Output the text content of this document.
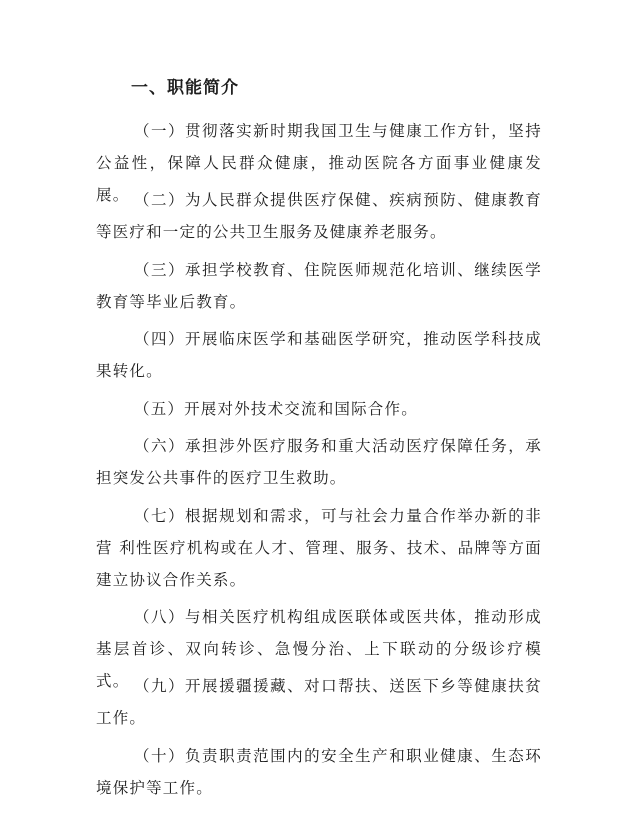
一、职能简介

（一）贯彻落实新时期我国卫生与健康工作方针，坚持公益性，保障人民群众健康，推动医院各方面事业健康发展。 （二）为人民群众提供医疗保健、疾病预防、健康教育等医疗和一定的公共卫生服务及健康养老服务。

（三）承担学校教育、住院医师规范化培训、继续医学教育等毕业后教育。

（四）开展临床医学和基础医学研究，推动医学科技成果转化。

（五）开展对外技术交流和国际合作。

（六）承担涉外医疗服务和重大活动医疗保障任务，承担突发公共事件的医疗卫生救助。

（七）根据规划和需求，可与社会力量合作举办新的非营 利性医疗机构或在人才、管理、服务、技术、品牌等方面建立协议合作关系。

（八）与相关医疗机构组成医联体或医共体，推动形成基层首诊、双向转诊、急慢分治、上下联动的分级诊疗模式。 （九）开展援疆援藏、对口帮扶、送医下乡等健康扶贫工作。

（十）负责职责范围内的安全生产和职业健康、生态环境保护等工作。
